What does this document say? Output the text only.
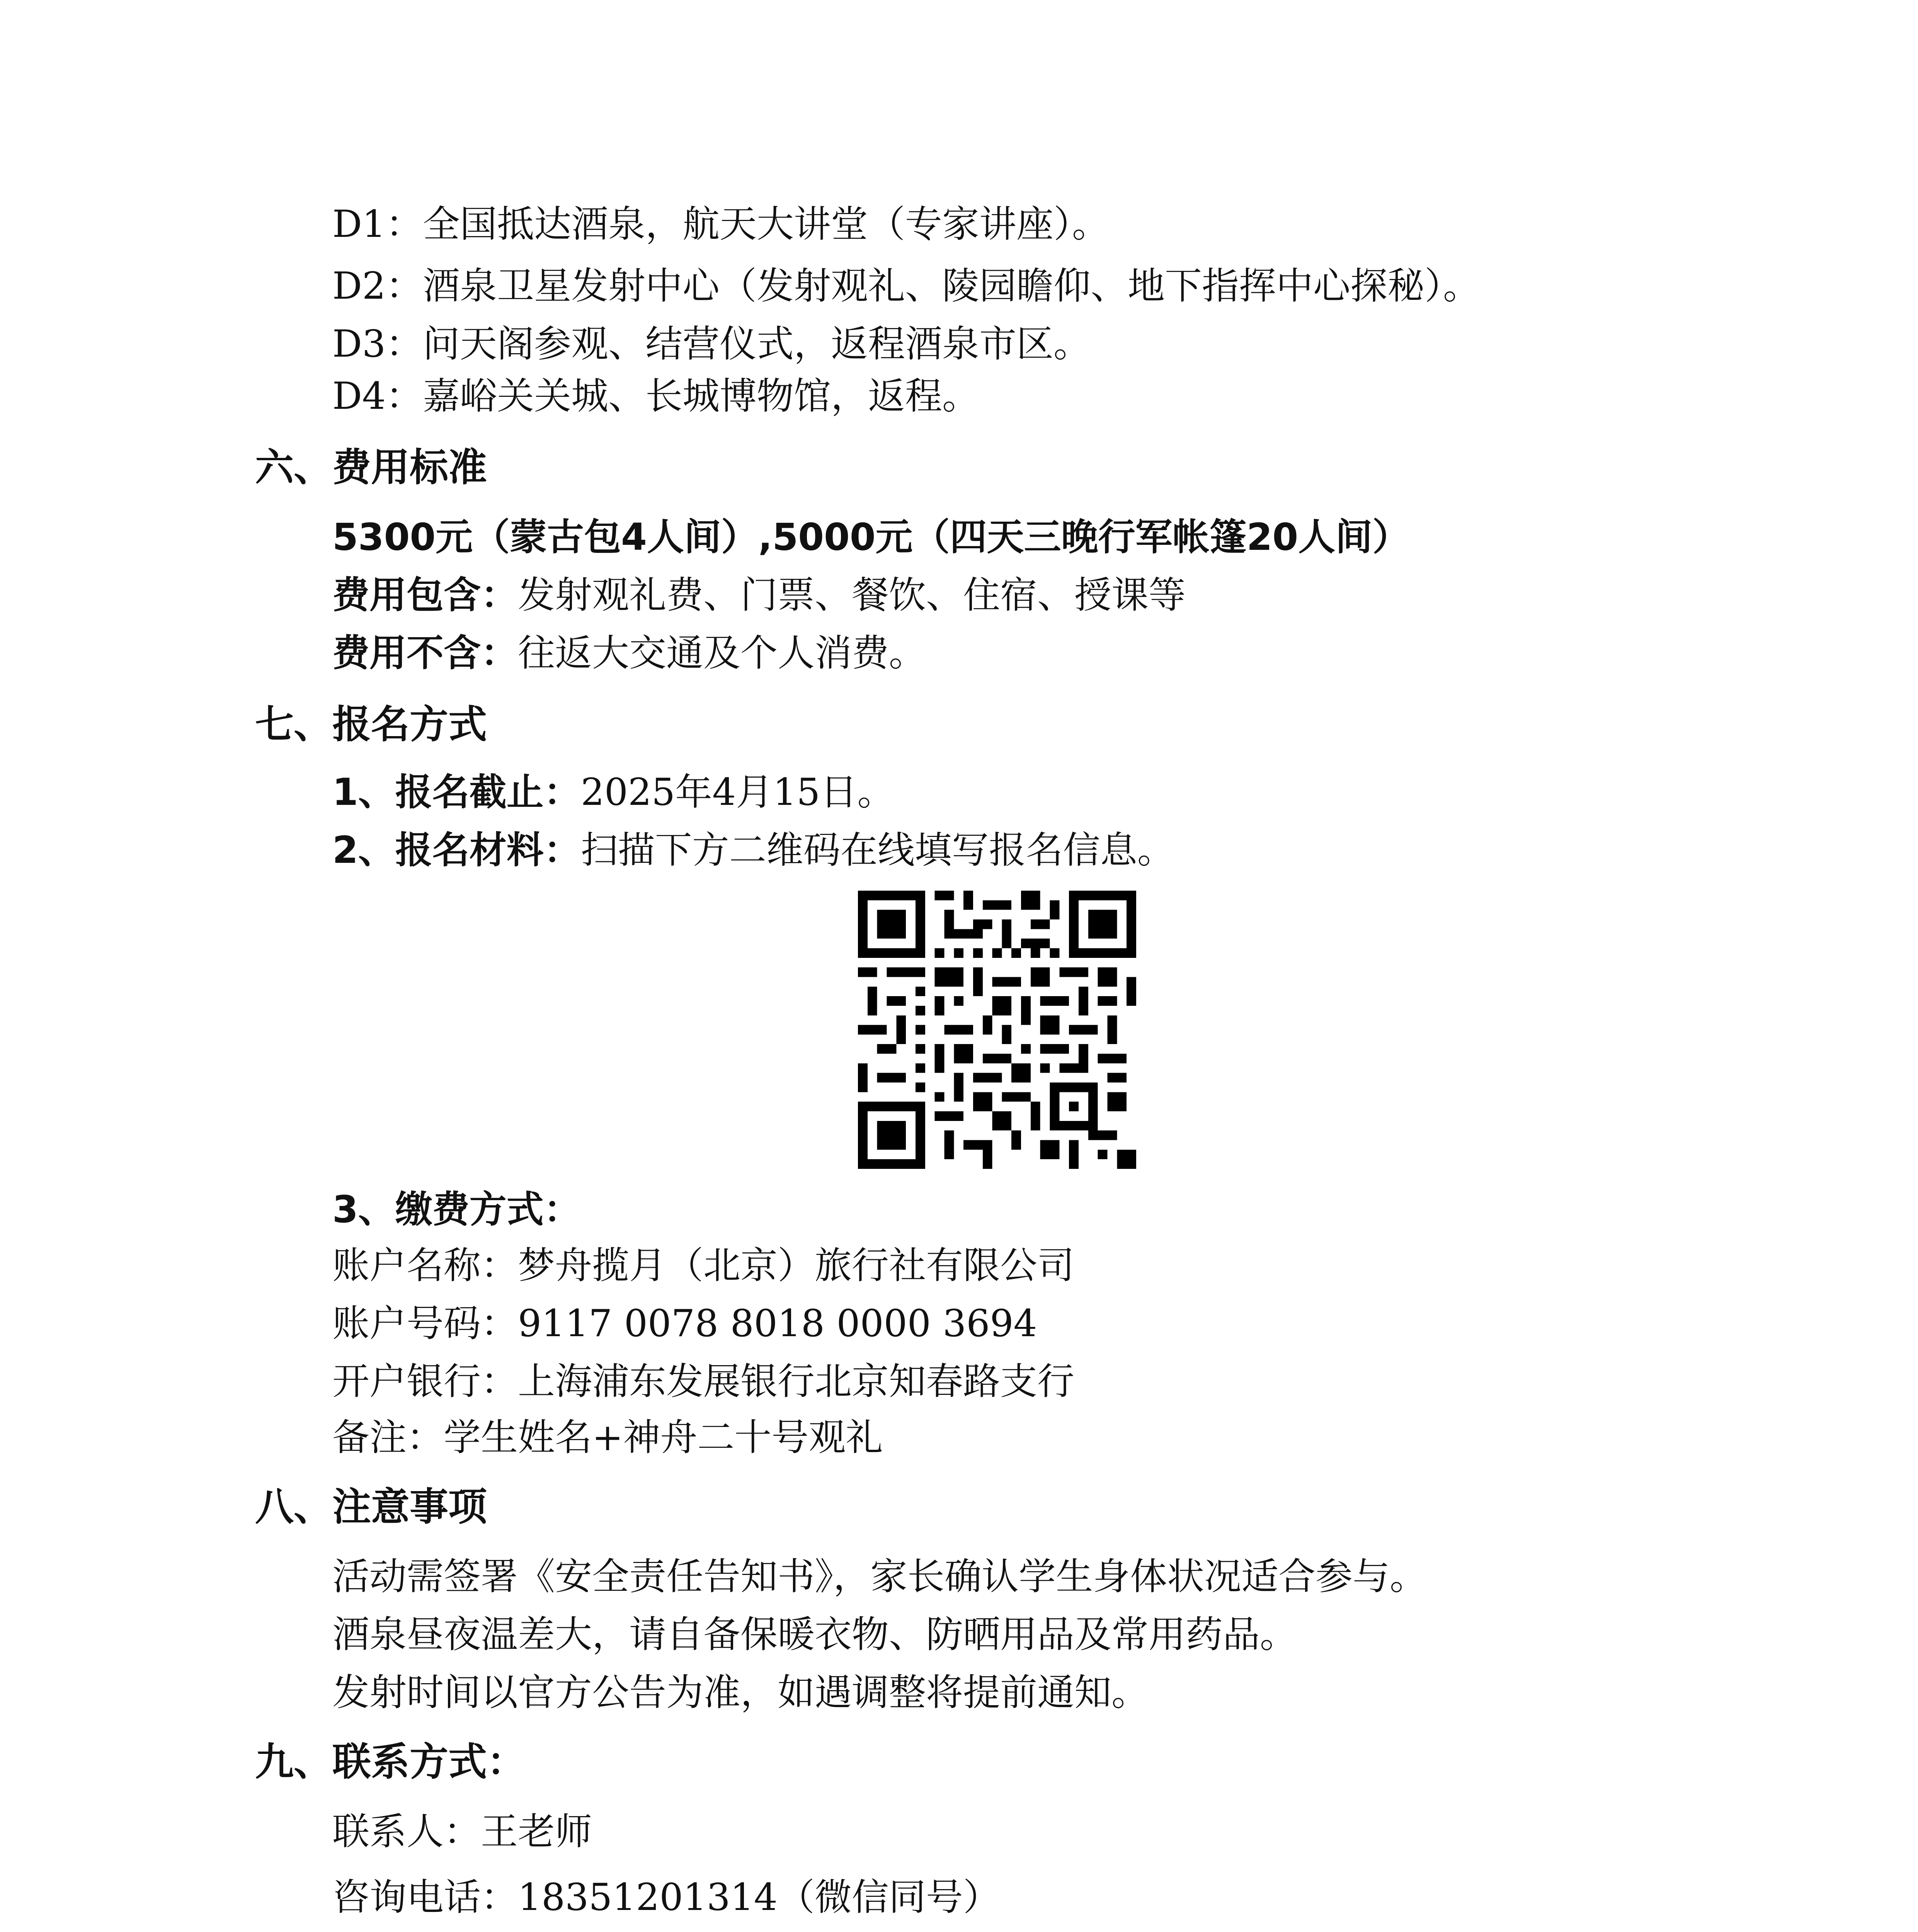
D1：全国抵达酒泉，航天大讲堂（专家讲座）。
D2：酒泉卫星发射中心（发射观礼、陵园瞻仰、地下指挥中心探秘）。
D3：问天阁参观、结营仪式，返程酒泉市区。
D4：嘉峪关关城、长城博物馆，返程。
六、费用标准
5300元（蒙古包4人间）,5000元（四天三晚行军帐篷20人间）
费用包含：发射观礼费、门票、餐饮、住宿、授课等
费用不含：往返大交通及个人消费。
七、报名方式
1、报名截止：2025年4月15日。
2、报名材料：扫描下方二维码在线填写报名信息。
3、缴费方式：
账户名称：梦舟揽月（北京）旅行社有限公司
账户号码：9117 0078 8018 0000 3694
开户银行：上海浦东发展银行北京知春路支行
备注：学生姓名+神舟二十号观礼
八、注意事项
活动需签署《安全责任告知书》，家长确认学生身体状况适合参与。
酒泉昼夜温差大，请自备保暖衣物、防晒用品及常用药品。
发射时间以官方公告为准，如遇调整将提前通知。
九、联系方式：
联系人：王老师
咨询电话：18351201314（微信同号）
